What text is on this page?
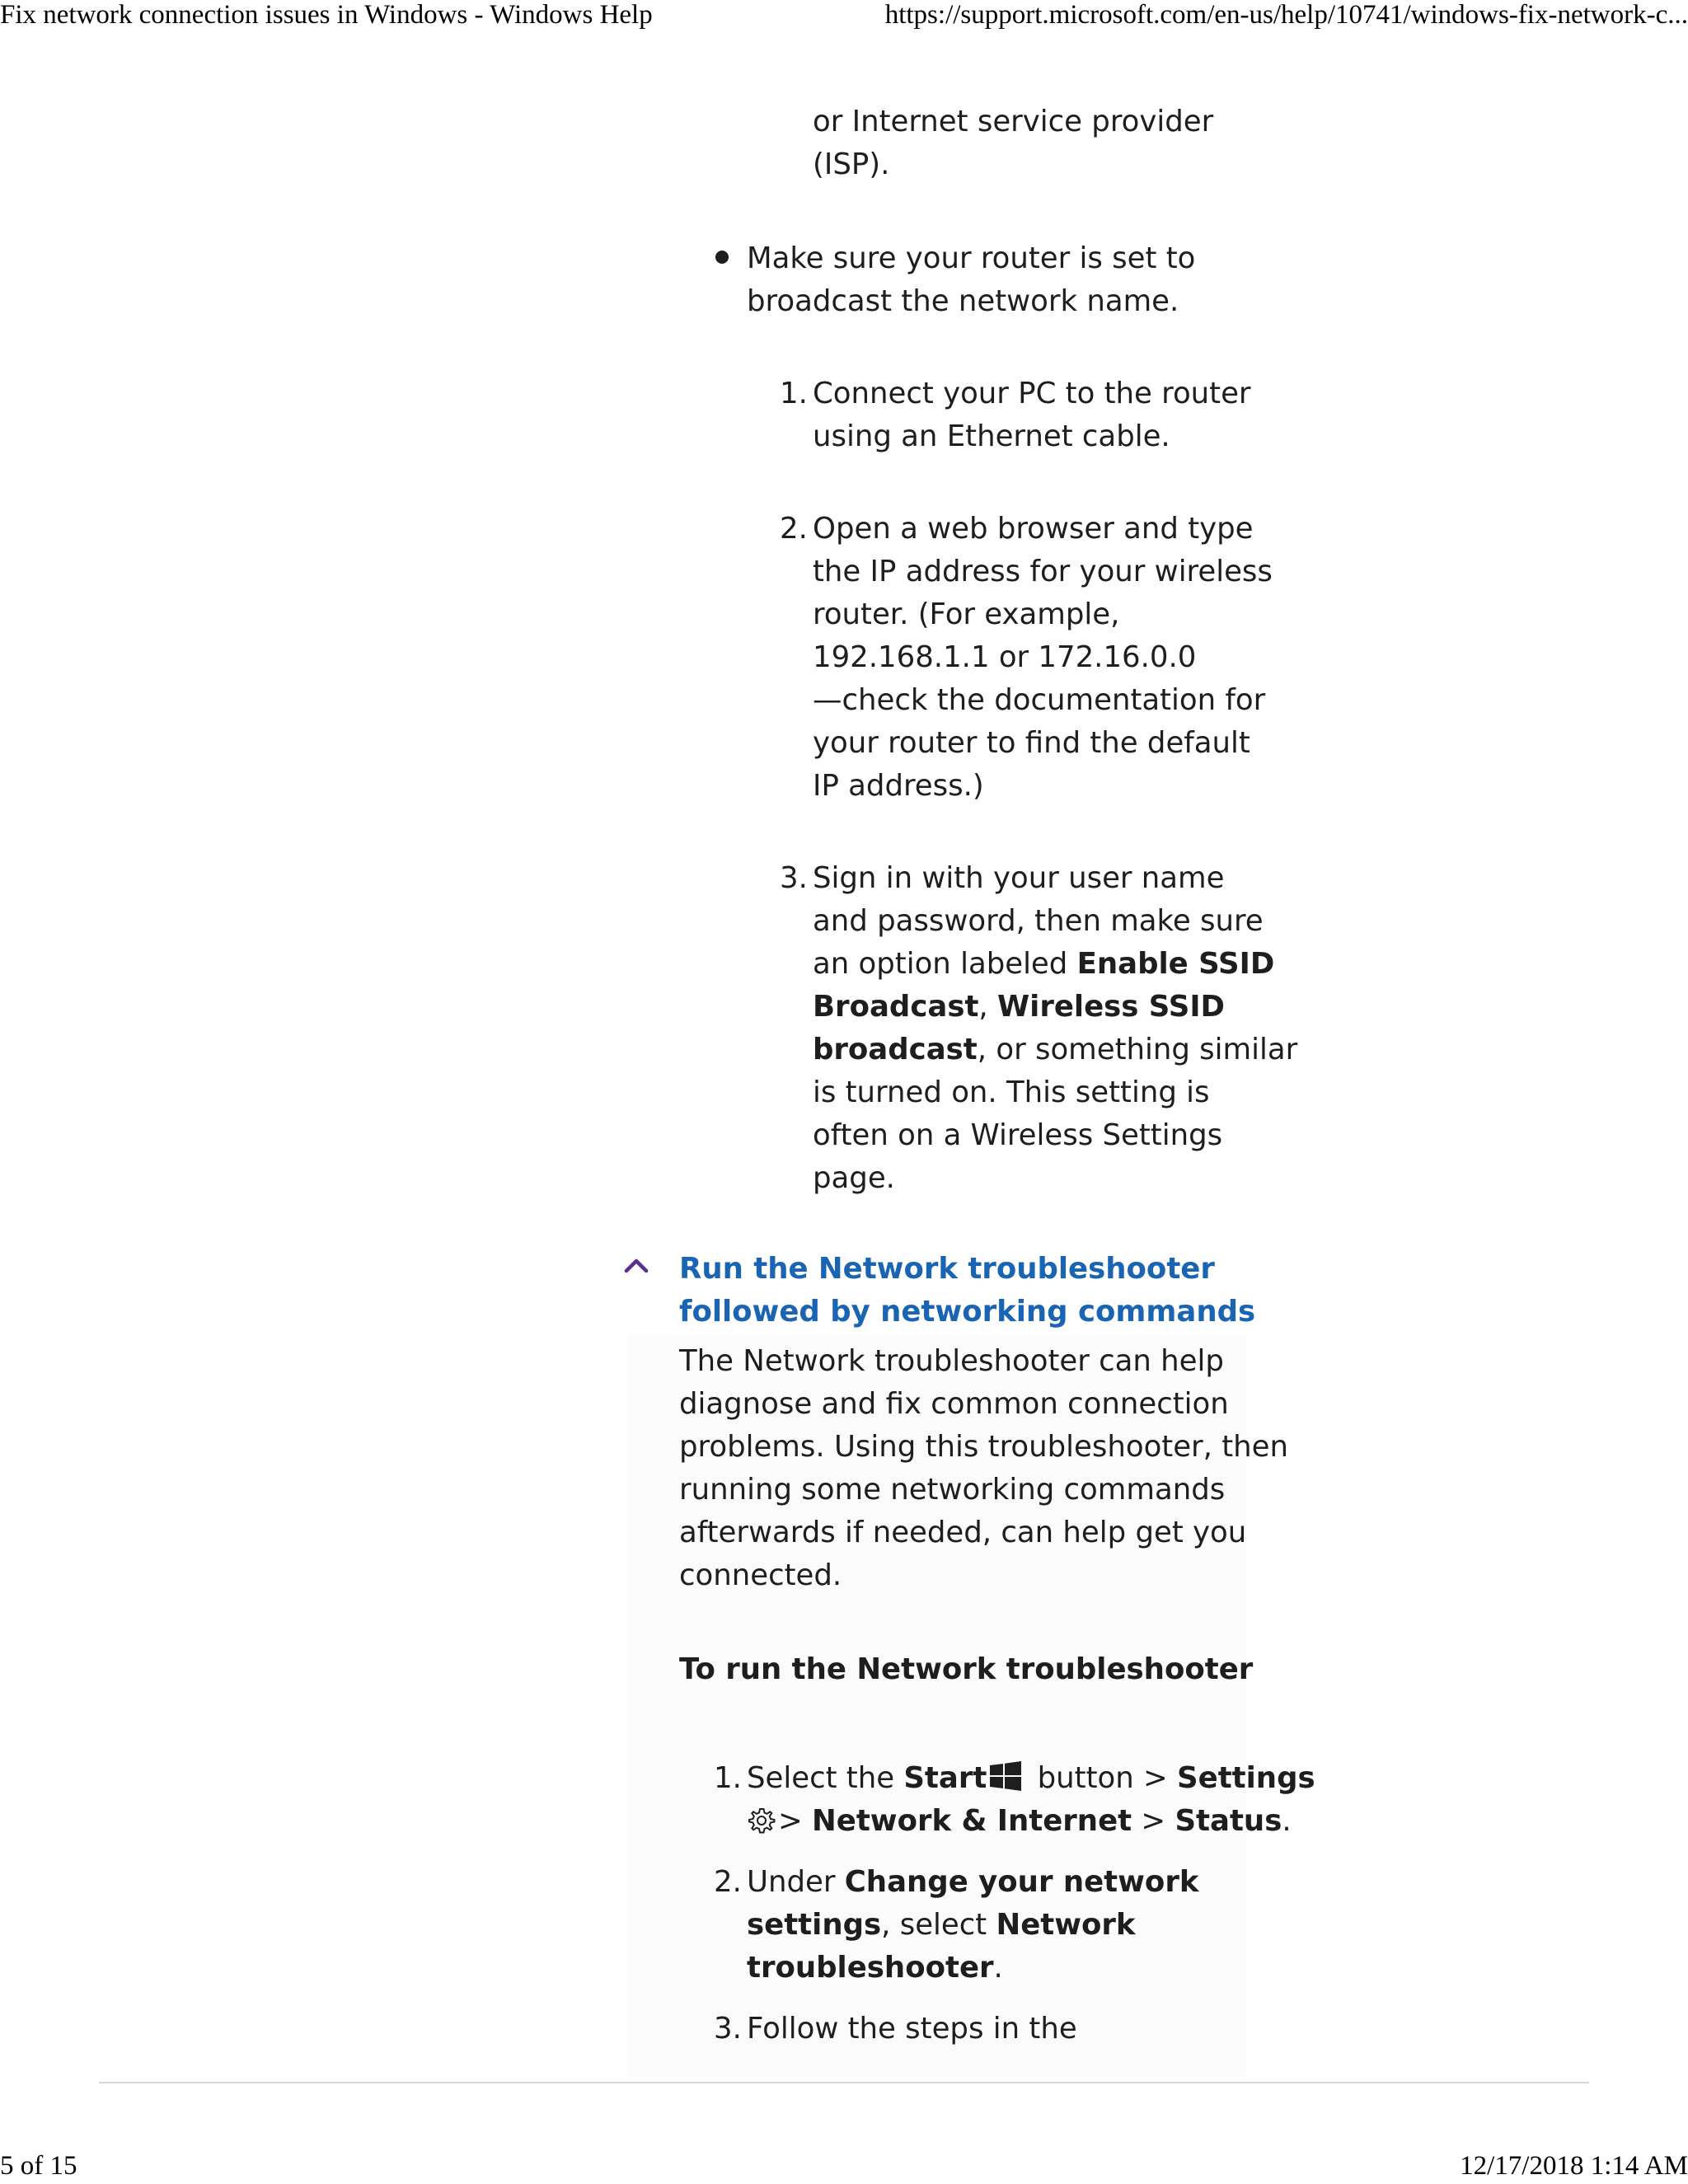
Fix network connection issues in Windows - Windows Help	https://support.microsoft.com/en-us/help/10741/windows-fix-network-c...
or Internet service provider
(ISP).
Make sure your router is set to
broadcast the network name.
1. Connect your PC to the router
using an Ethernet cable.
2. Open a web browser and type
the IP address for your wireless
router. (For example,
192.168.1.1 or 172.16.0.0
—check the documentation for
your router to find the default
IP address.)
3. Sign in with your user name
and password, then make sure
an option labeled Enable SSID
Broadcast, Wireless SSID
broadcast, or something similar
is turned on. This setting is
often on a Wireless Settings
page.
Run the Network troubleshooter
followed by networking commands
The Network troubleshooter can help
diagnose and fix common connection
problems. Using this troubleshooter, then
running some networking commands
afterwards if needed, can help get you
connected.
To run the Network troubleshooter
1. Select the Start button > Settings
> Network & Internet > Status.
2. Under Change your network
settings, select Network
troubleshooter.
3. Follow the steps in the
5 of 15	12/17/2018 1:14 AM
